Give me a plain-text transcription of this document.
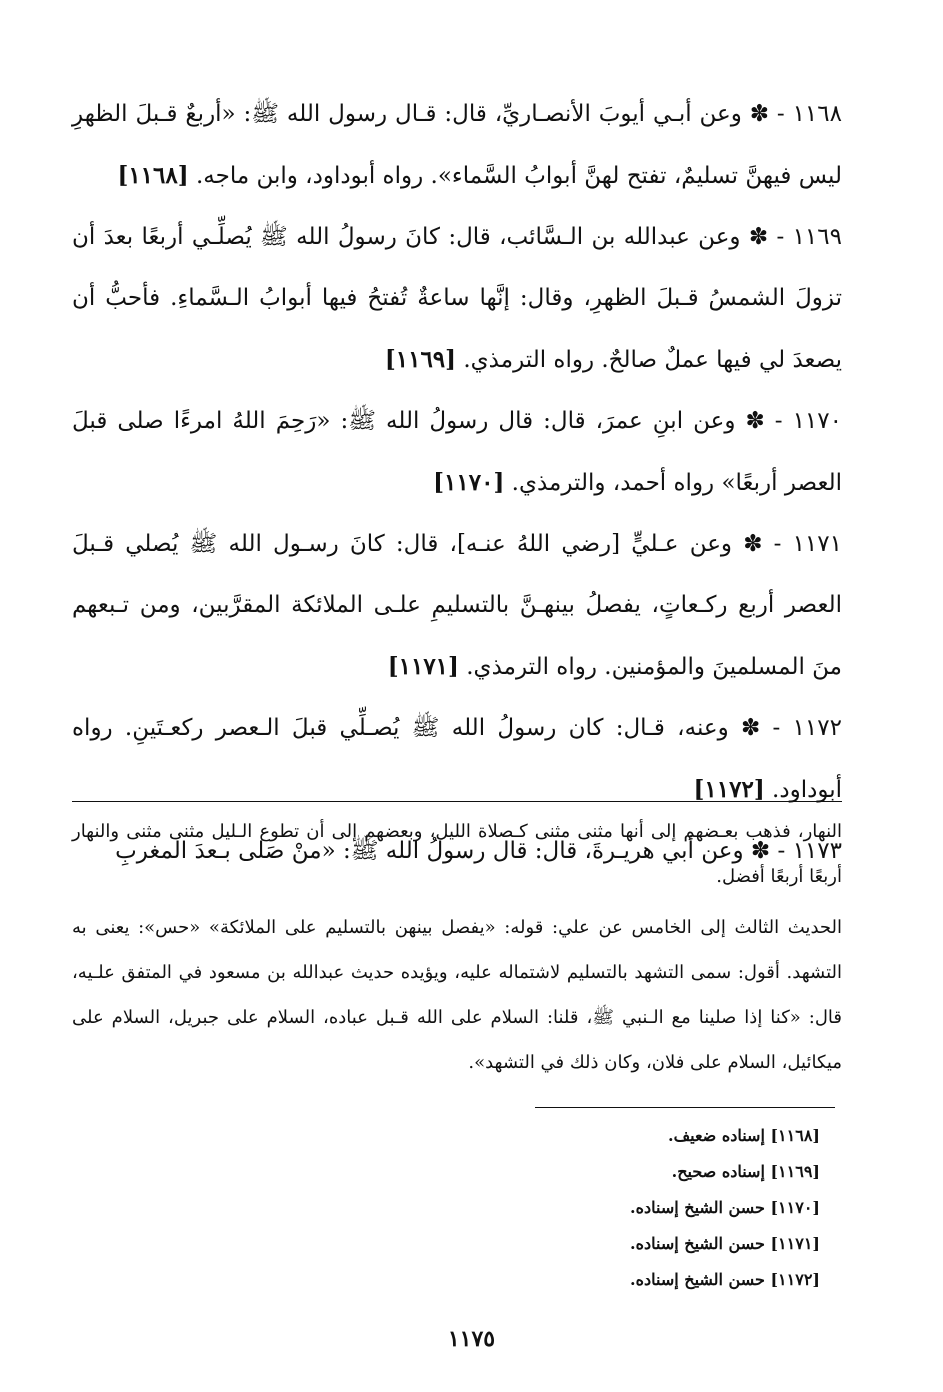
١١٦٨ - ✽ وعن أبـي أيوبَ الأنصـاريِّ، قال: قـال رسول الله ﷺ: «أربعٌ قـبلَ الظهرِ ليس فيهنَّ تسليمٌ، تفتح لهنَّ أبوابُ السَّماء». رواه أبوداود، وابن ماجه. [١١٦٨]
١١٦٩ - ✽ وعن عبدالله بن الـسَّائب، قال: كانَ رسولُ الله ﷺ يُصلِّـي أربعًا بعدَ أن تزولَ الشمسُ قـبلَ الظهرِ، وقال: إنَّها ساعةٌ تُفتحُ فيها أبوابُ الـسَّماءِ. فأحبُّ أن يصعدَ لي فيها عملٌ صالحٌ. رواه الترمذي. [١١٦٩]
١١٧٠ - ✽ وعن ابنِ عمرَ، قال: قال رسولُ الله ﷺ: «رَحِمَ اللهُ امرءًا صلى قبلَ العصر أربعًا» رواه أحمد، والترمذي. [١١٧٠]
١١٧١ - ✽ وعن عـليٍّ [رضي اللهُ عنـه]، قال: كانَ رسـول الله ﷺ يُصلي قـبلَ العصر أربع ركـعاتٍ، يفصلُ بينهـنَّ بالتسليمِ علـى الملائكة المقرَّبين، ومن تـبعهم منَ المسلمينَ والمؤمنين. رواه الترمذي. [١١٧١]
١١٧٢ - ✽ وعنه، قـال: كان رسولُ الله ﷺ يُصـلِّي قبلَ الـعصر ركعـتَينِ. رواه أبوداود. [١١٧٢]
١١٧٣ - ✽ وعن أبي هريـرةَ، قال: قال رسولُ الله ﷺ: «منْ صَلى بـعدَ المغربِ

النهار، فذهب بعـضهم إلى أنها مثنى مثنى كـصلاة الليل، وبعضهم إلى أن تطوع الـليل مثنى مثنى والنهار أربعًا أربعًا أفضل.

الحديث الثالث إلى الخامس عن علي: قوله: «يفصل بينهن بالتسليم على الملائكة» «حس»: يعنى به التشهد. أقول: سمى التشهد بالتسليم لاشتماله عليه، ويؤيده حديث عبدالله بن مسعود في المتفق علـيه، قال: «كنا إذا صلينا مع الـنبي ﷺ، قلنا: السلام على الله قـبل عباده، السلام على جبريل، السلام على ميكائيل، السلام على فلان، وكان ذلك في التشهد».

[١١٦٨] إسناده ضعيف.

[١١٦٩] إسناده صحيح.

[١١٧٠] حسن الشيخ إسناده.

[١١٧١] حسن الشيخ إسناده.

[١١٧٢] حسن الشيخ إسناده.

١١٧٥
